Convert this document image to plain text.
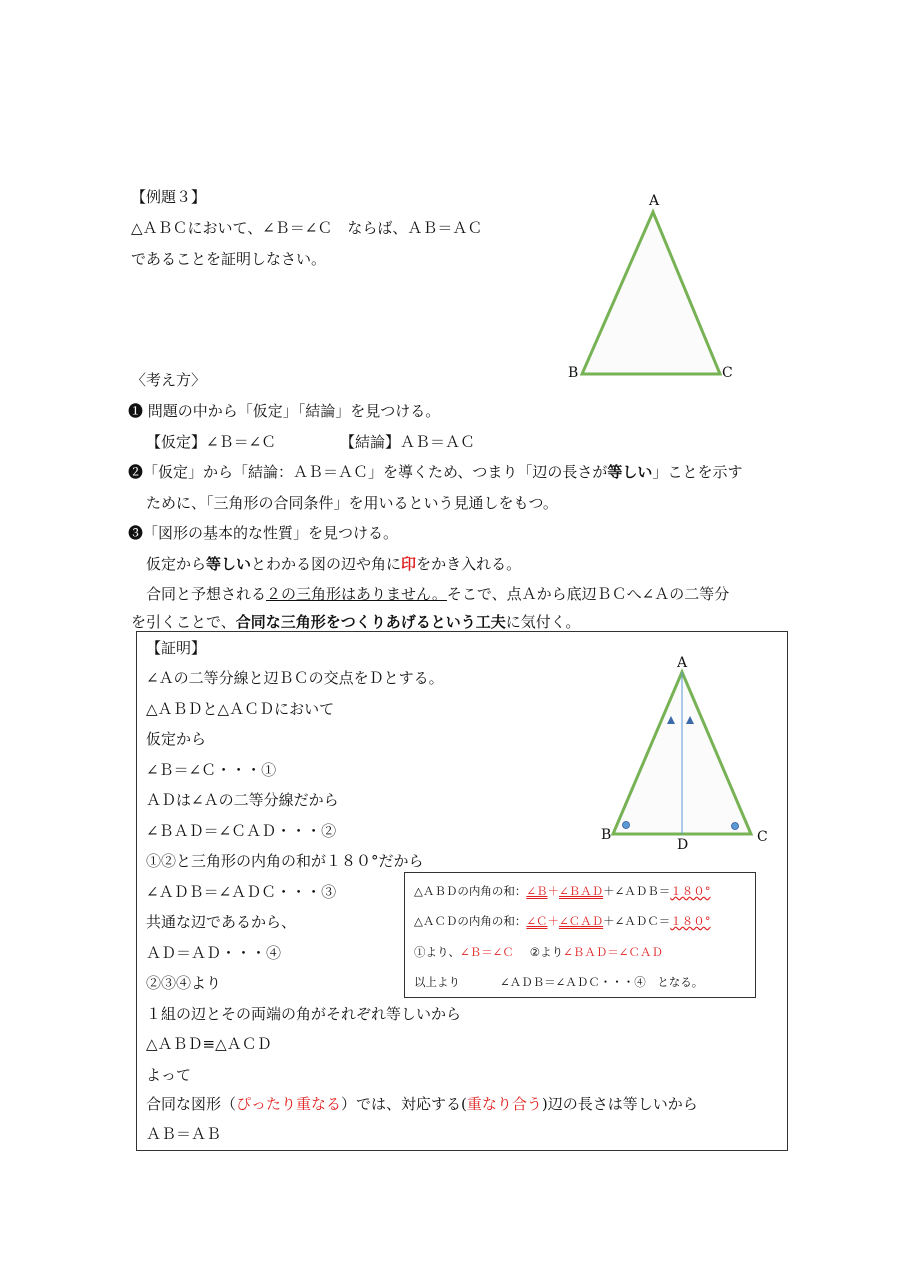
【例題３】
△ＡＢＣにおいて、∠Ｂ＝∠Ｃ　ならば、ＡＢ＝ＡＣ
であることを証明しなさい。
A
B	C
〈考え方〉
❶ 問題の中から「仮定」「結論」を見つける。
【仮定】∠Ｂ＝∠Ｃ	【結論】ＡＢ＝ＡＣ
❷「仮定」から「結論：ＡＢ＝ＡＣ」を導くため、つまり「辺の長さが等しい」ことを示す
ために、「三角形の合同条件」を用いるという見通しをもつ。
❸「図形の基本的な性質」を見つける。
仮定から等しいとわかる図の辺や角に印をかき入れる。
合同と予想される２の三角形はありません。そこで、点Ａから底辺ＢＣへ∠Ａの二等分
を引くことで、合同な三角形をつくりあげるという工夫に気付く。
【証明】
∠Ａの二等分線と辺ＢＣの交点をＤとする。
△ＡＢＤと△ＡＣＤにおいて
仮定から
∠Ｂ＝∠Ｃ・・・①
ＡＤは∠Ａの二等分線だから
∠ＢＡＤ＝∠ＣＡＤ・・・②
①②と三角形の内角の和が１８０°だから
∠ＡＤＢ＝∠ＡＤＣ・・・③
共通な辺であるから、
ＡＤ＝ＡＤ・・・④
②③④より
１組の辺とその両端の角がそれぞれ等しいから
△ＡＢＤ≡△ＡＣＤ
よって
合同な図形（ぴったり重なる）では、対応する(重なり合う)辺の長さは等しいから
ＡＢ＝ＡＢ
A
B	C
D
△ＡＢＤの内角の和：∠Ｂ＋∠ＢＡＤ＋∠ＡＤＢ＝１８０°
△ＡＣＤの内角の和：∠Ｃ＋∠ＣＡＤ＋∠ＡＤＣ＝１８０°
①より、∠Ｂ＝∠Ｃ ②より∠ＢＡＤ＝∠ＣＡＤ
以上より	∠ＡＤＢ＝∠ＡＤＣ・・・④　となる。
